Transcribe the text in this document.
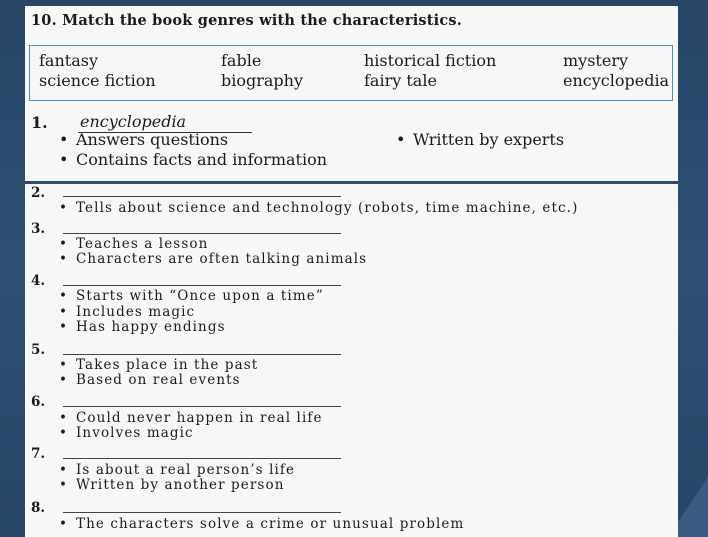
10. Match the book genres with the characteristics.
fantasy	fable	historical fiction	mystery
science fiction	biography	fairy tale	encyclopedia
1. encyclopedia
• Answers questions
• Contains facts and information
• Written by experts
2.
• Tells about science and technology (robots, time machine, etc.)
3.
• Teaches a lesson
• Characters are often talking animals
4.
• Starts with “Once upon a time”
• Includes magic
• Has happy endings
5.
• Takes place in the past
• Based on real events
6.
• Could never happen in real life
• Involves magic
7.
• Is about a real person’s life
• Written by another person
8.
• The characters solve a crime or unusual problem
